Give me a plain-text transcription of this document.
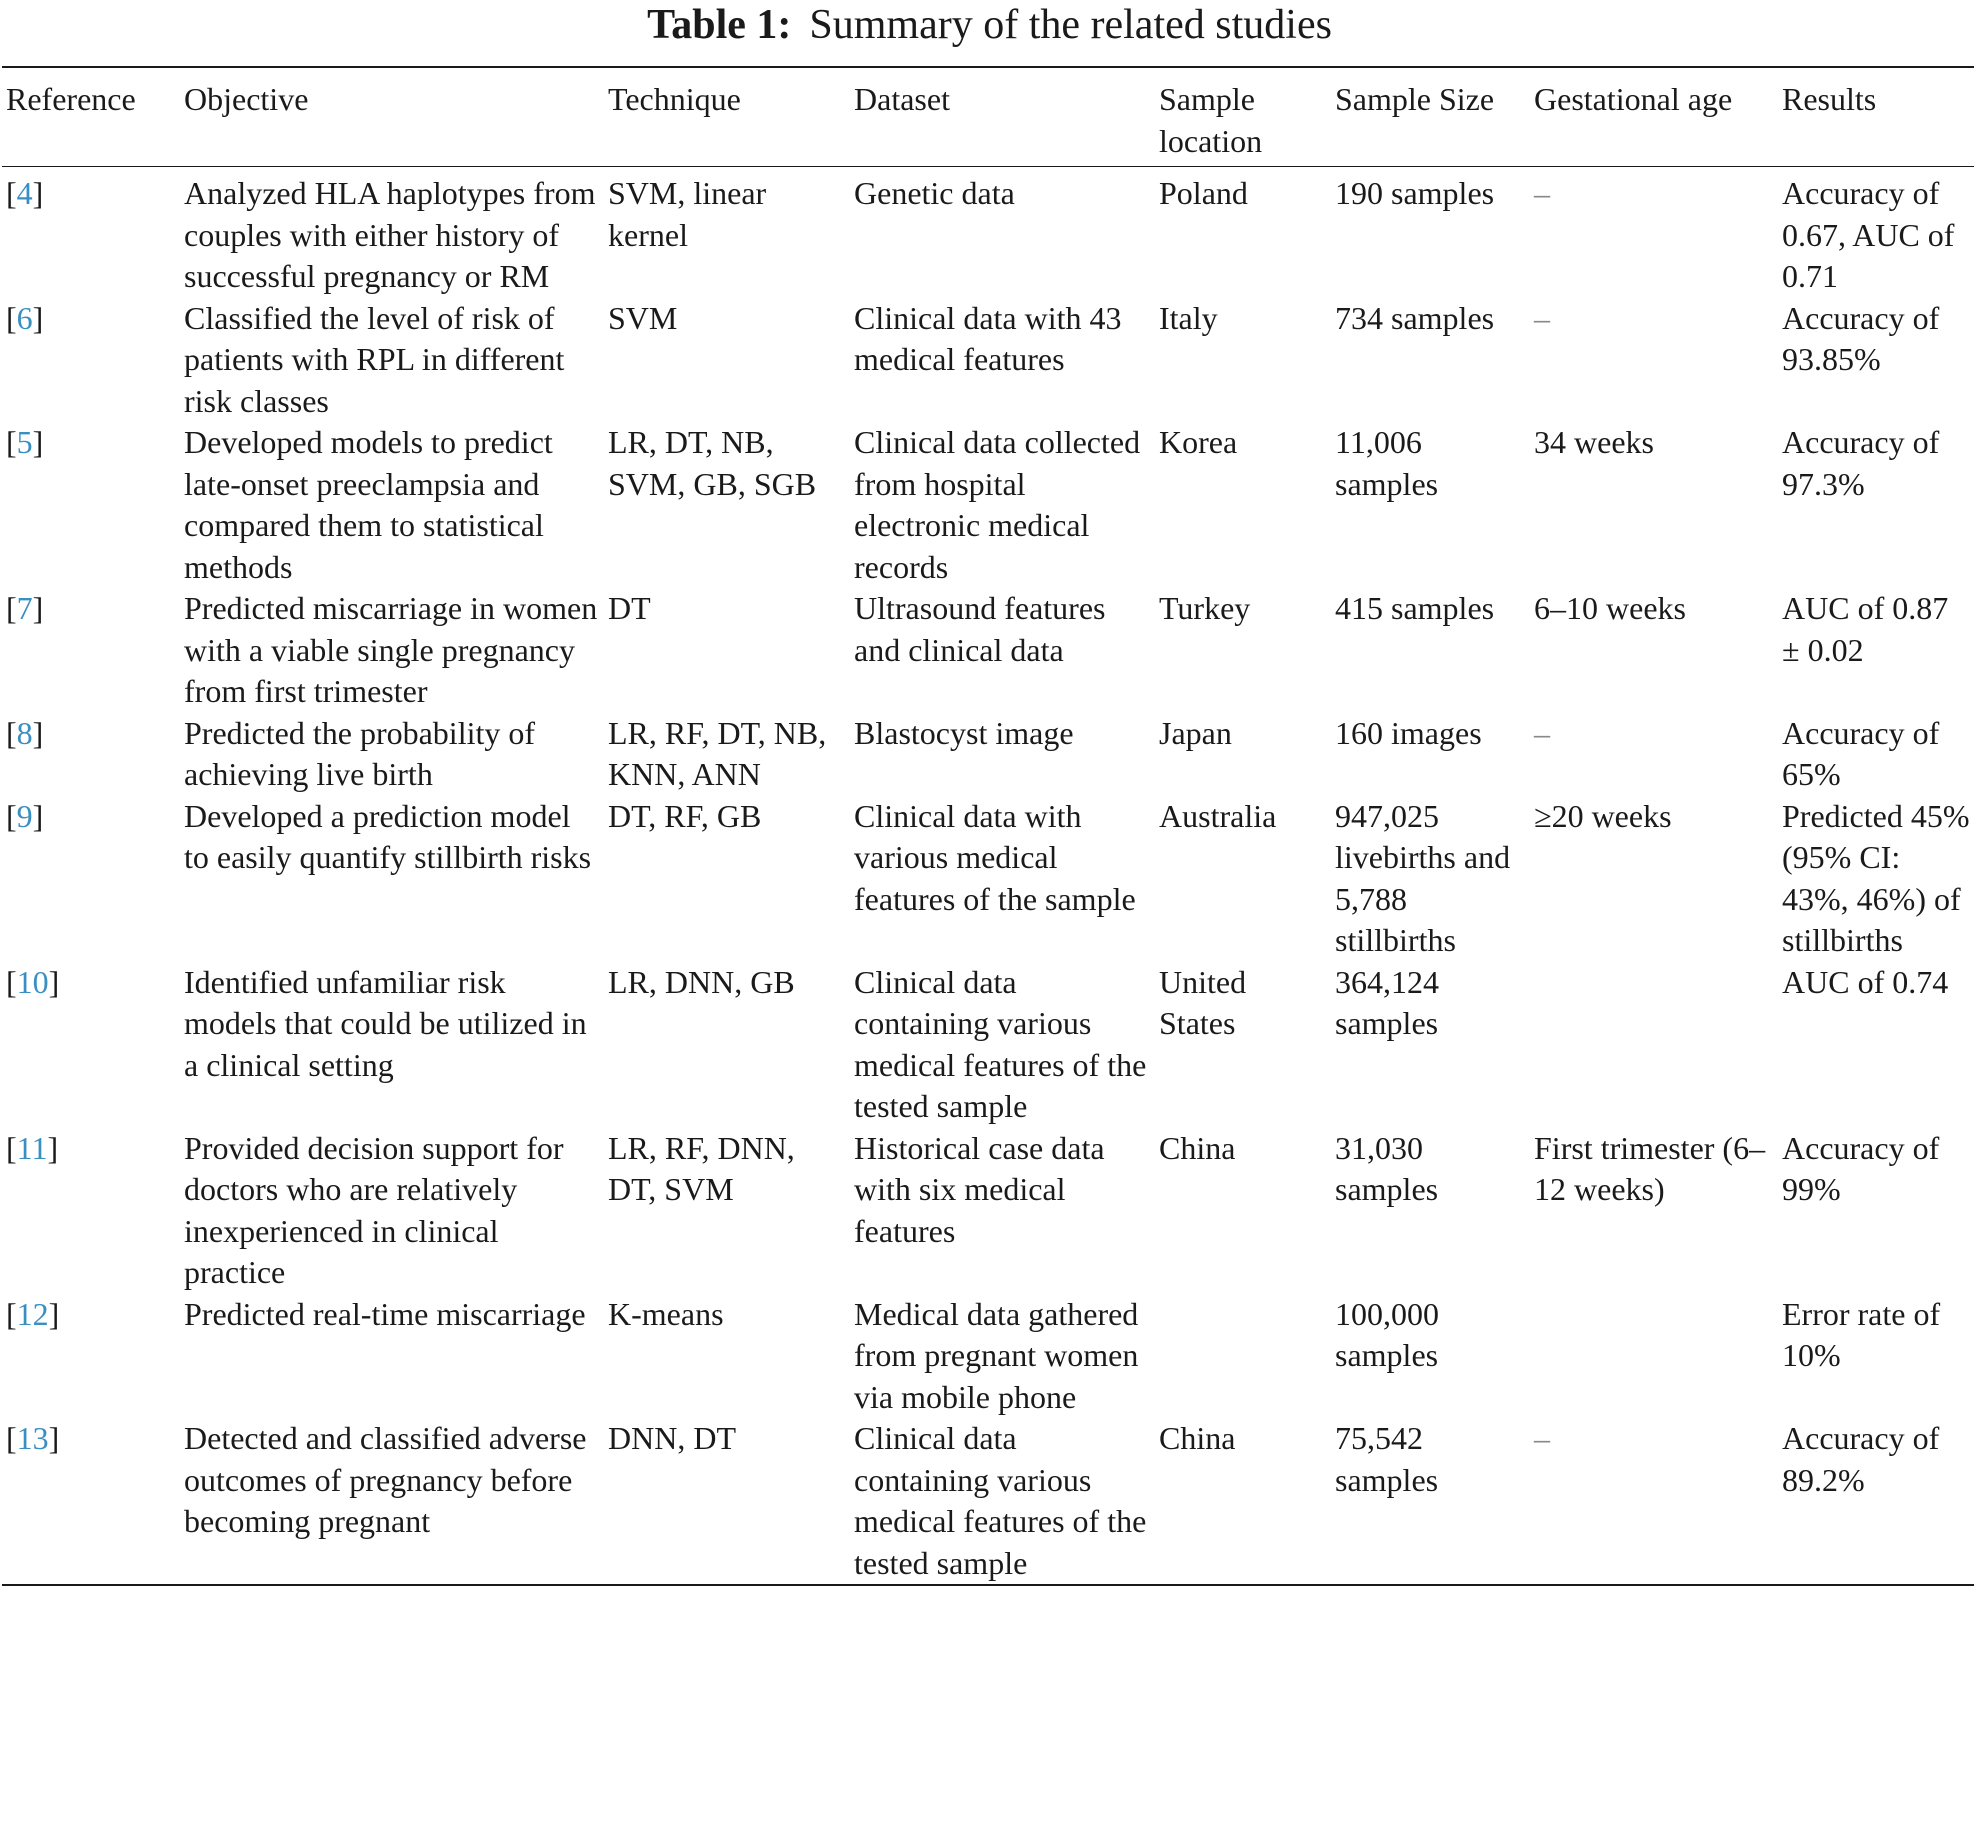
Table 1: Summary of the related studies
Reference	Objective	Technique	Dataset	Sample location	Sample Size	Gestational age	Results
[4]	Analyzed HLA haplotypes from couples with either history of successful pregnancy or RM	SVM, linear kernel	Genetic data	Poland	190 samples	–	Accuracy of 0.67, AUC of 0.71
[6]	Classified the level of risk of patients with RPL in different risk classes	SVM	Clinical data with 43 medical features	Italy	734 samples	–	Accuracy of 93.85%
[5]	Developed models to predict late-onset preeclampsia and compared them to statistical methods	LR, DT, NB, SVM, GB, SGB	Clinical data collected from hospital electronic medical records	Korea	11,006 samples	34 weeks	Accuracy of 97.3%
[7]	Predicted miscarriage in women with a viable single pregnancy from first trimester	DT	Ultrasound features and clinical data	Turkey	415 samples	6–10 weeks	AUC of 0.87 ± 0.02
[8]	Predicted the probability of achieving live birth	LR, RF, DT, NB, KNN, ANN	Blastocyst image	Japan	160 images	–	Accuracy of 65%
[9]	Developed a prediction model to easily quantify stillbirth risks	DT, RF, GB	Clinical data with various medical features of the sample	Australia	947,025 livebirths and 5,788 stillbirths	≥20 weeks	Predicted 45% (95% CI: 43%, 46%) of stillbirths
[10]	Identified unfamiliar risk models that could be utilized in a clinical setting	LR, DNN, GB	Clinical data containing various medical features of the tested sample	United States	364,124 samples		AUC of 0.74
[11]	Provided decision support for doctors who are relatively inexperienced in clinical practice	LR, RF, DNN, DT, SVM	Historical case data with six medical features	China	31,030 samples	First trimester (6–12 weeks)	Accuracy of 99%
[12]	Predicted real-time miscarriage	K-means	Medical data gathered from pregnant women via mobile phone		100,000 samples		Error rate of 10%
[13]	Detected and classified adverse outcomes of pregnancy before becoming pregnant	DNN, DT	Clinical data containing various medical features of the tested sample	China	75,542 samples	–	Accuracy of 89.2%
